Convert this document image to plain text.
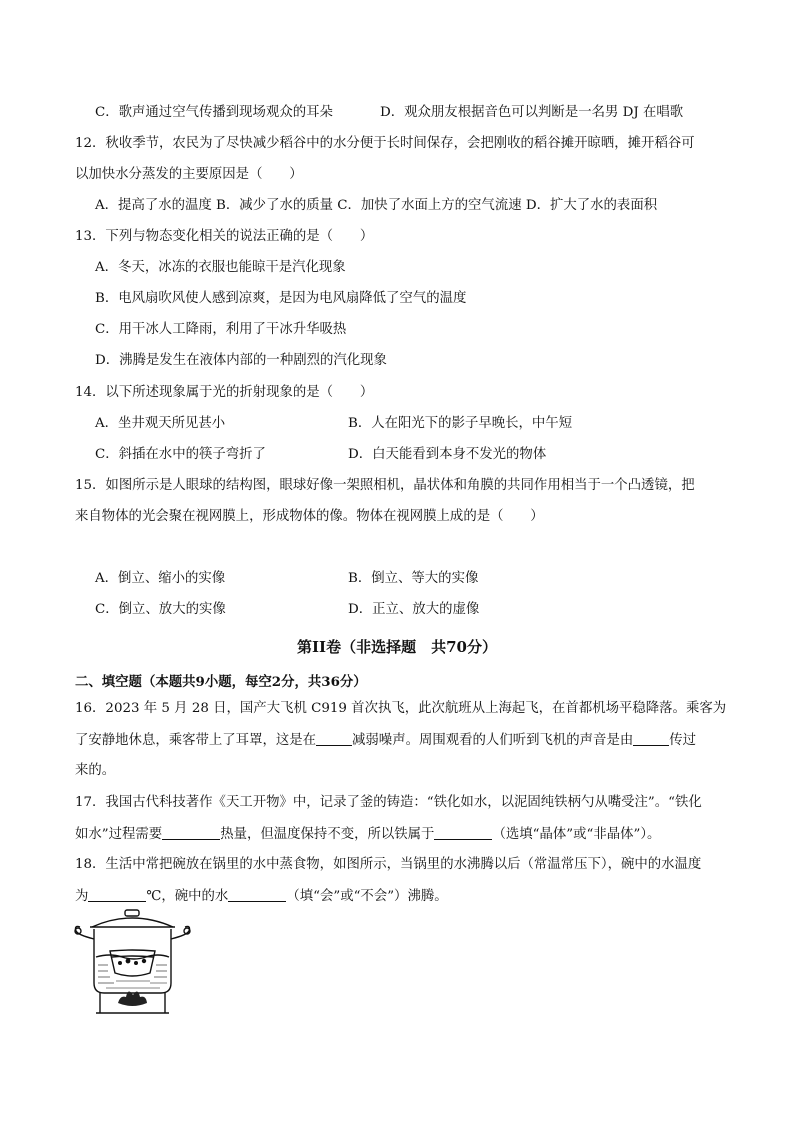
C．歌声通过空气传播到现场观众的耳朵	D．观众朋友根据音色可以判断是一名男 DJ 在唱歌
12．秋收季节，农民为了尽快减少稻谷中的水分便于长时间保存，会把刚收的稻谷摊开晾晒，摊开稻谷可
以加快水分蒸发的主要原因是（　　）
A．提高了水的温度 B．减少了水的质量 C．加快了水面上方的空气流速 D．扩大了水的表面积
13．下列与物态变化相关的说法正确的是（　　）
A．冬天，冰冻的衣服也能晾干是汽化现象
B．电风扇吹风使人感到凉爽，是因为电风扇降低了空气的温度
C．用干冰人工降雨，利用了干冰升华吸热
D．沸腾是发生在液体内部的一种剧烈的汽化现象
14．以下所述现象属于光的折射现象的是（　　）
A．坐井观天所见甚小	B．人在阳光下的影子早晚长，中午短
C．斜插在水中的筷子弯折了	D．白天能看到本身不发光的物体
15．如图所示是人眼球的结构图，眼球好像一架照相机，晶状体和角膜的共同作用相当于一个凸透镜，把
来自物体的光会聚在视网膜上，形成物体的像。物体在视网膜上成的是（　　）
A．倒立、缩小的实像	B．倒立、等大的实像
C．倒立、放大的实像	D．正立、放大的虚像
第II卷（非选择题　共70分）
二、填空题（本题共9小题，每空2分，共36分）
16．2023 年 5 月 28 日，国产大飞机 C919 首次执飞，此次航班从上海起飞，在首都机场平稳降落。乘客为
了安静地休息，乘客带上了耳罩，这是在	减弱噪声。周围观看的人们听到飞机的声音是由	传过
来的。
17．我国古代科技著作《天工开物》中，记录了釜的铸造：“铁化如水，以泥固纯铁柄勺从嘴受注”。“铁化
如水”过程需要	热量，但温度保持不变，所以铁属于	（选填“晶体”或“非晶体”）。
18．生活中常把碗放在锅里的水中蒸食物，如图所示，当锅里的水沸腾以后（常温常压下），碗中的水温度
为	℃，碗中的水	（填“会”或“不会”）沸腾。
